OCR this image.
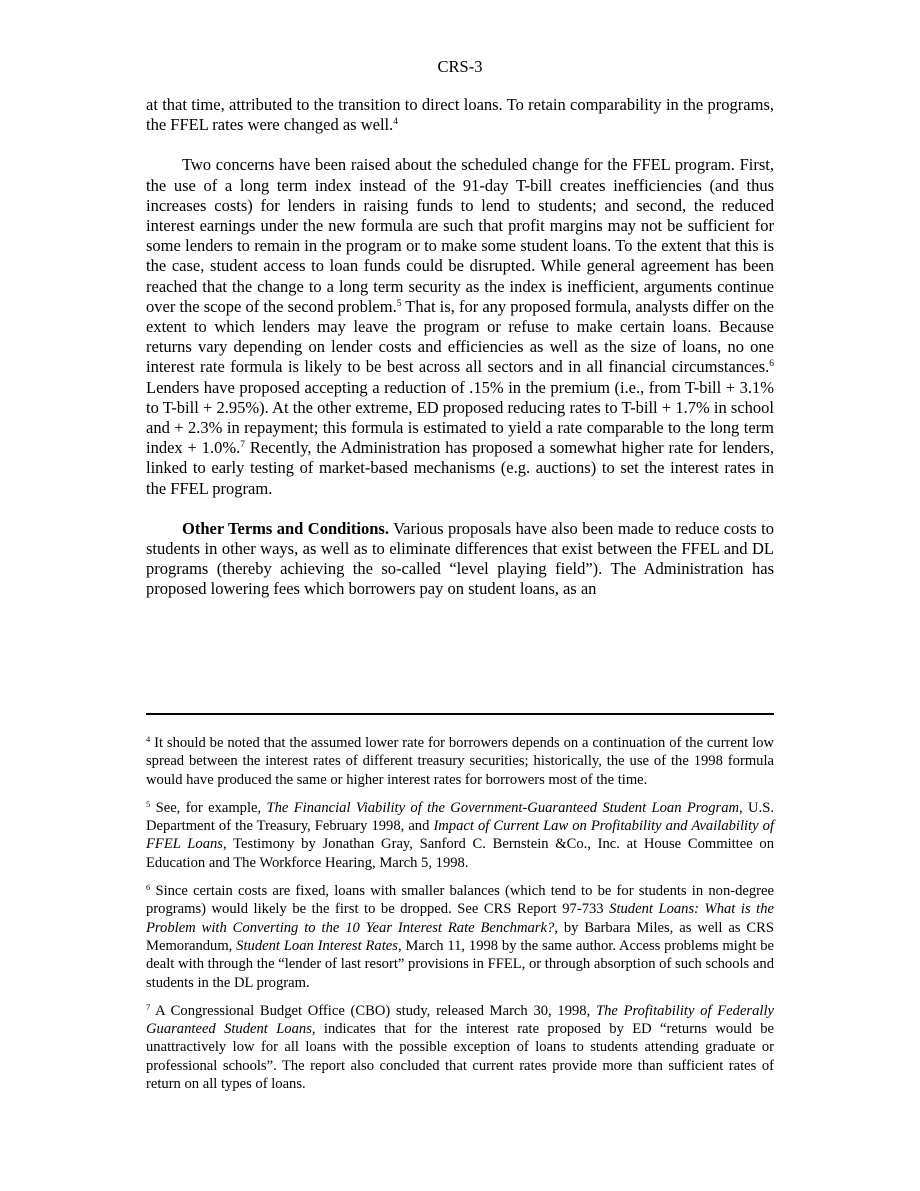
CRS-3

at that time, attributed to the transition to direct loans. To retain comparability in the programs, the FFEL rates were changed as well.$^4$

Two concerns have been raised about the scheduled change for the FFEL program. First, the use of a long term index instead of the 91-day T-bill creates inefficiencies (and thus increases costs) for lenders in raising funds to lend to students; and second, the reduced interest earnings under the new formula are such that profit margins may not be sufficient for some lenders to remain in the program or to make some student loans. To the extent that this is the case, student access to loan funds could be disrupted. While general agreement has been reached that the change to a long term security as the index is inefficient, arguments continue over the scope of the second problem.$^5$ That is, for any proposed formula, analysts differ on the extent to which lenders may leave the program or refuse to make certain loans. Because returns vary depending on lender costs and efficiencies as well as the size of loans, no one interest rate formula is likely to be best across all sectors and in all financial circumstances.$^6$ Lenders have proposed accepting a reduction of .15% in the premium (i.e., from T-bill + 3.1% to T-bill + 2.95%). At the other extreme, ED proposed reducing rates to T-bill + 1.7% in school and + 2.3% in repayment; this formula is estimated to yield a rate comparable to the long term index + 1.0%.$^7$ Recently, the Administration has proposed a somewhat higher rate for lenders, linked to early testing of market-based mechanisms (e.g. auctions) to set the interest rates in the FFEL program.

Other Terms and Conditions. Various proposals have also been made to reduce costs to students in other ways, as well as to eliminate differences that exist between the FFEL and DL programs (thereby achieving the so-called “level playing field”). The Administration has proposed lowering fees which borrowers pay on student loans, as an

$^4$ It should be noted that the assumed lower rate for borrowers depends on a continuation of the current low spread between the interest rates of different treasury securities; historically, the use of the 1998 formula would have produced the same or higher interest rates for borrowers most of the time.

$^5$ See, for example, The Financial Viability of the Government-Guaranteed Student Loan Program, U.S. Department of the Treasury, February 1998, and Impact of Current Law on Profitability and Availability of FFEL Loans, Testimony by Jonathan Gray, Sanford C. Bernstein &Co., Inc. at House Committee on Education and The Workforce Hearing, March 5, 1998.

$^6$ Since certain costs are fixed, loans with smaller balances (which tend to be for students in non-degree programs) would likely be the first to be dropped. See CRS Report 97-733 Student Loans: What is the Problem with Converting to the 10 Year Interest Rate Benchmark?, by Barbara Miles, as well as CRS Memorandum, Student Loan Interest Rates, March 11, 1998 by the same author. Access problems might be dealt with through the “lender of last resort” provisions in FFEL, or through absorption of such schools and students in the DL program.

$^7$ A Congressional Budget Office (CBO) study, released March 30, 1998, The Profitability of Federally Guaranteed Student Loans, indicates that for the interest rate proposed by ED “returns would be unattractively low for all loans with the possible exception of loans to students attending graduate or professional schools”. The report also concluded that current rates provide more than sufficient rates of return on all types of loans.
